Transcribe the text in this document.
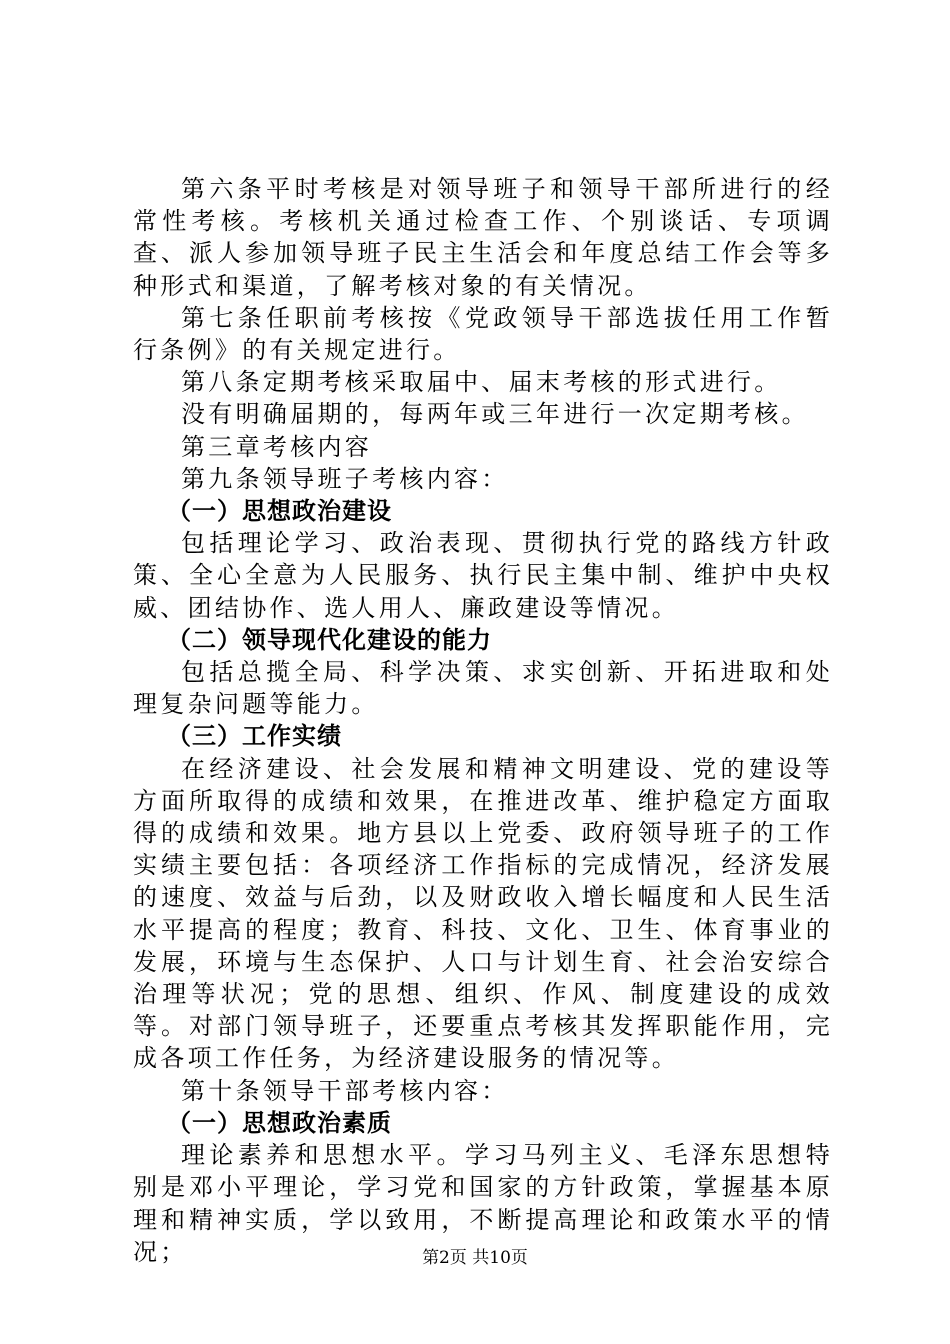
第六条平时考核是对领导班子和领导干部所进行的经常性考核。考核机关通过检查工作、个别谈话、专项调查、派人参加领导班子民主生活会和年度总结工作会等多种形式和渠道，了解考核对象的有关情况。

第七条任职前考核按《党政领导干部选拔任用工作暂行条例》的有关规定进行。

第八条定期考核采取届中、届末考核的形式进行。

没有明确届期的，每两年或三年进行一次定期考核。

第三章考核内容

第九条领导班子考核内容：

（一）思想政治建设

包括理论学习、政治表现、贯彻执行党的路线方针政策、全心全意为人民服务、执行民主集中制、维护中央权威、团结协作、选人用人、廉政建设等情况。

（二）领导现代化建设的能力

包括总揽全局、科学决策、求实创新、开拓进取和处理复杂问题等能力。

（三）工作实绩

在经济建设、社会发展和精神文明建设、党的建设等方面所取得的成绩和效果，在推进改革、维护稳定方面取得的成绩和效果。地方县以上党委、政府领导班子的工作实绩主要包括：各项经济工作指标的完成情况，经济发展的速度、效益与后劲，以及财政收入增长幅度和人民生活水平提高的程度；教育、科技、文化、卫生、体育事业的发展，环境与生态保护、人口与计划生育、社会治安综合治理等状况；党的思想、组织、作风、制度建设的成效等。对部门领导班子，还要重点考核其发挥职能作用，完成各项工作任务，为经济建设服务的情况等。

第十条领导干部考核内容：

（一）思想政治素质

理论素养和思想水平。学习马列主义、毛泽东思想特别是邓小平理论，学习党和国家的方针政策，掌握基本原理和精神实质，学以致用，不断提高理论和政策水平的情况；	第2页 共10页
